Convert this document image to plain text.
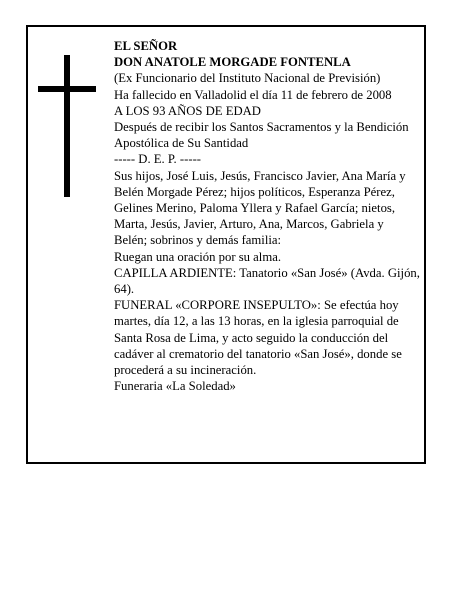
EL SEÑOR

DON ANATOLE MORGADE FONTENLA

(Ex Funcionario del Instituto Nacional de Previsión)

Ha fallecido en Valladolid el día 11 de febrero de 2008

A LOS 93 AÑOS DE EDAD

Después de recibir los Santos Sacramentos y la Bendición Apostólica de Su Santidad

----- D. E. P. -----

Sus hijos, José Luis, Jesús, Francisco Javier, Ana María y Belén Morgade Pérez; hijos políticos, Esperanza Pérez, Gelines Merino, Paloma Yllera y Rafael García; nietos, Marta, Jesús, Javier, Arturo, Ana, Marcos, Gabriela y Belén; sobrinos y demás familia:

Ruegan una oración por su alma.

CAPILLA ARDIENTE: Tanatorio «San José» (Avda. Gijón, 64).

FUNERAL «CORPORE INSEPULTO»: Se efectúa hoy martes, día 12, a las 13 horas, en la iglesia parroquial de Santa Rosa de Lima, y acto seguido la conducción del cadáver al crematorio del tanatorio «San José», donde se procederá a su incineración.

Funeraria «La Soledad»
